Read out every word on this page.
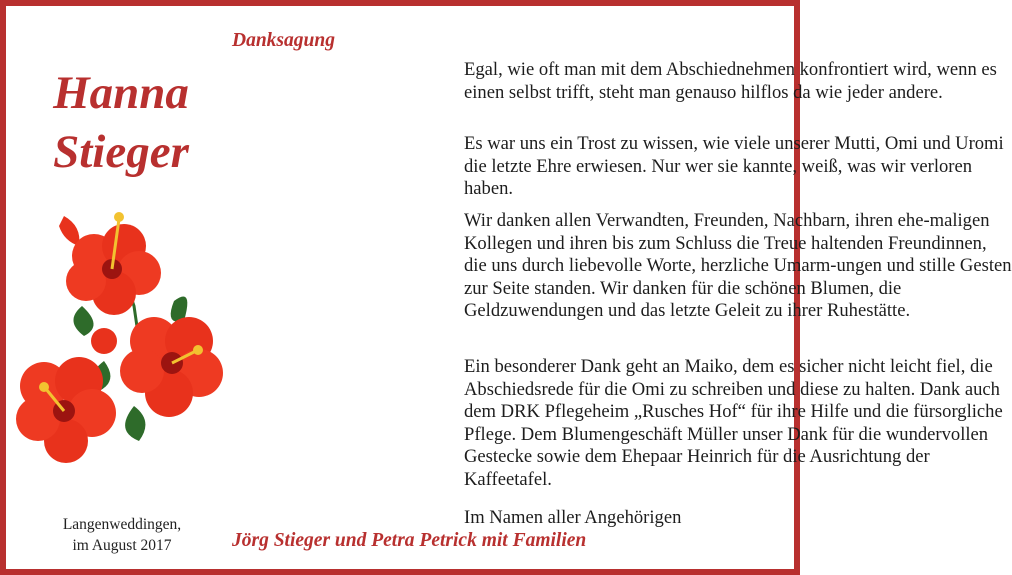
Hanna
Stieger
Langenweddingen,
im August 2017
Danksagung
Egal, wie oft man mit dem Abschiednehmen konfrontiert wird, wenn es einen selbst trifft, steht man genauso hilflos da wie jeder andere.
Es war uns ein Trost zu wissen, wie viele unserer Mutti, Omi und Uromi die letzte Ehre erwiesen. Nur wer sie kannte, weiß, was wir verloren haben.
Wir danken allen Verwandten, Freunden, Nachbarn, ihren ehe-maligen Kollegen und ihren bis zum Schluss die Treue haltenden Freundinnen, die uns durch liebevolle Worte, herzliche Umarm-ungen und stille Gesten zur Seite standen. Wir danken für die schönen Blumen, die Geldzuwendungen und das letzte Geleit zu ihrer Ruhestätte.
Ein besonderer Dank geht an Maiko, dem es sicher nicht leicht fiel, die Abschiedsrede für die Omi zu schreiben und diese zu halten. Dank auch dem DRK Pflegeheim „Rusches Hof“ für ihre Hilfe und die fürsorgliche Pflege. Dem Blumengeschäft Müller unser Dank für die wundervollen Gestecke sowie dem Ehepaar Heinrich für die Ausrichtung der Kaffeetafel.
Im Namen aller Angehörigen
Jörg Stieger und Petra Petrick mit Familien
